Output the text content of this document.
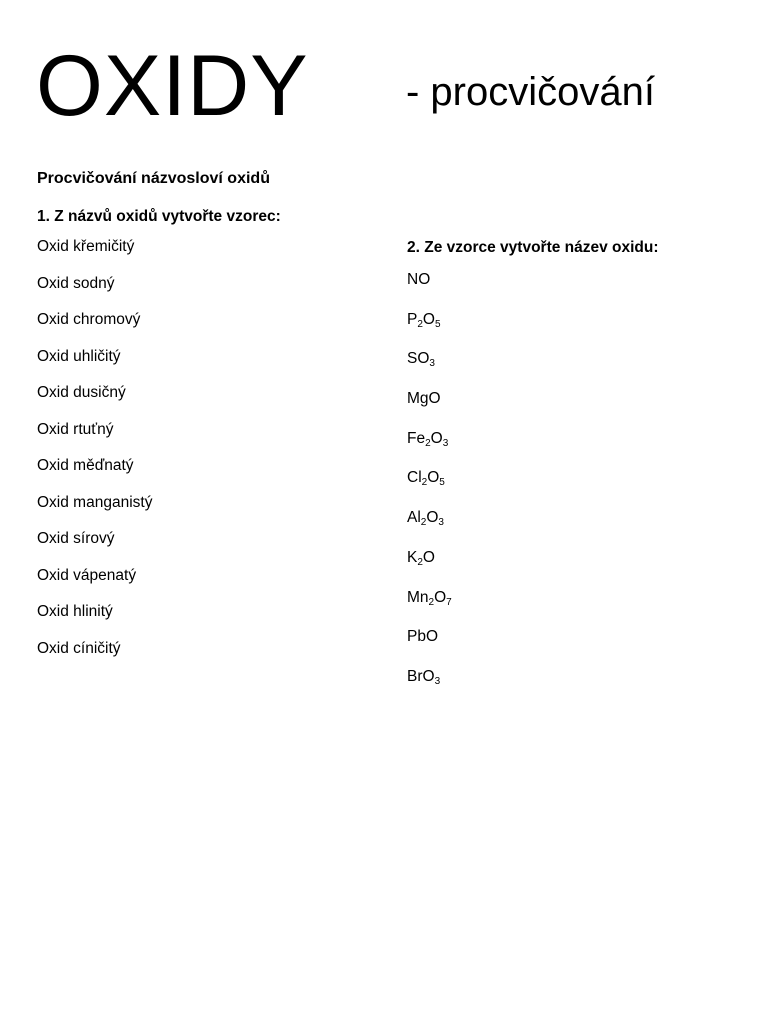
OXIDY - procvičování
Procvičování názvosloví oxidů
1. Z názvů oxidů vytvořte vzorec:
Oxid křemičitý
Oxid sodný
Oxid chromový
Oxid uhličitý
Oxid dusičný
Oxid rtuťný
Oxid měďnatý
Oxid manganistý
Oxid sírový
Oxid vápenatý
Oxid hlinitý
Oxid cíničitý
2. Ze vzorce vytvořte název oxidu:
NO
$P_2O_5$
$SO_3$
MgO
$Fe_2O_3$
$Cl_2O_5$
$Al_2O_3$
$K_2O$
$Mn_2O_7$
PbO
BrO$_3$
